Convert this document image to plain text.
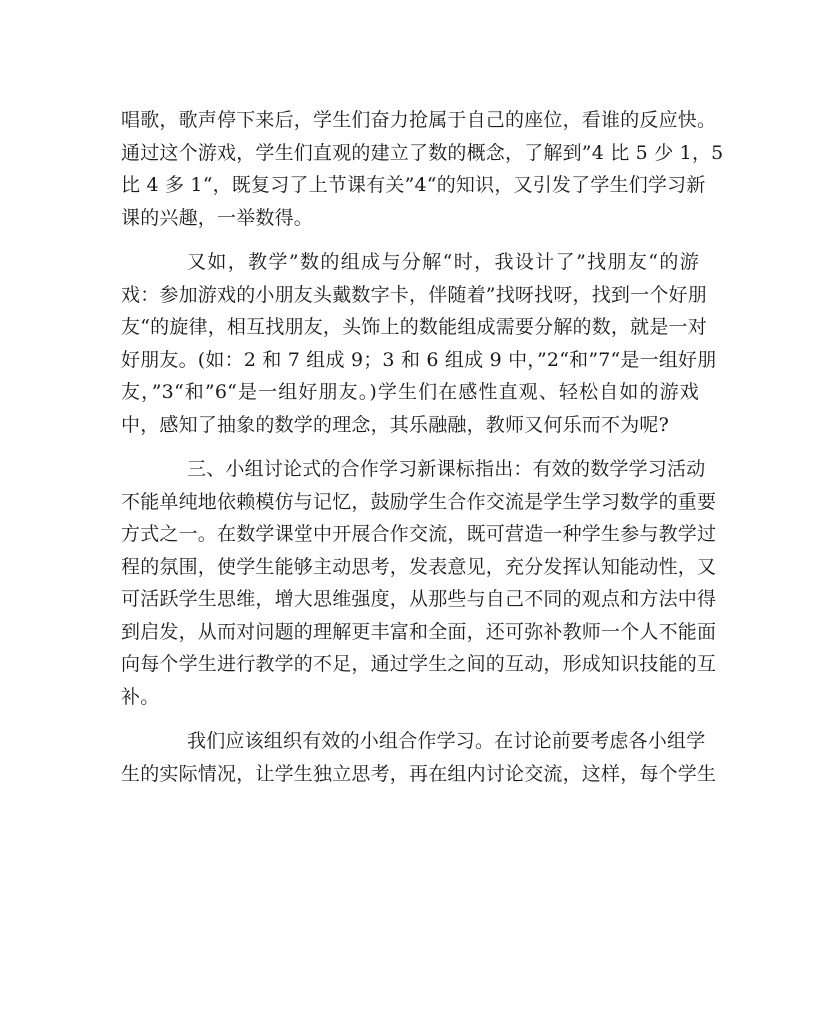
唱歌，歌声停下来后，学生们奋力抢属于自己的座位，看谁的反应快。
通过这个游戏，学生们直观的建立了数的概念，了解到”4 比 5 少 1，5
比 4 多 1“，既复习了上节课有关”4“的知识，又引发了学生们学习新
课的兴趣，一举数得。
又如，教学”数的组成与分解“时，我设计了”找朋友“的游
戏：参加游戏的小朋友头戴数字卡，伴随着”找呀找呀，找到一个好朋
友“的旋律，相互找朋友，头饰上的数能组成需要分解的数，就是一对
好朋友。(如：2 和 7 组成 9；3 和 6 组成 9 中，”2“和”7“是一组好朋
友，”3“和”6“是一组好朋友。)学生们在感性直观、轻松自如的游戏
中，感知了抽象的数学的理念，其乐融融，教师又何乐而不为呢?
三、小组讨论式的合作学习新课标指出：有效的数学学习活动
不能单纯地依赖模仿与记忆，鼓励学生合作交流是学生学习数学的重要
方式之一。在数学课堂中开展合作交流，既可营造一种学生参与教学过
程的氛围，使学生能够主动思考，发表意见，充分发挥认知能动性，又
可活跃学生思维，增大思维强度，从那些与自己不同的观点和方法中得
到启发，从而对问题的理解更丰富和全面，还可弥补教师一个人不能面
向每个学生进行教学的不足，通过学生之间的互动，形成知识技能的互
补。
我们应该组织有效的小组合作学习。在讨论前要考虑各小组学
生的实际情况，让学生独立思考，再在组内讨论交流，这样，每个学生
